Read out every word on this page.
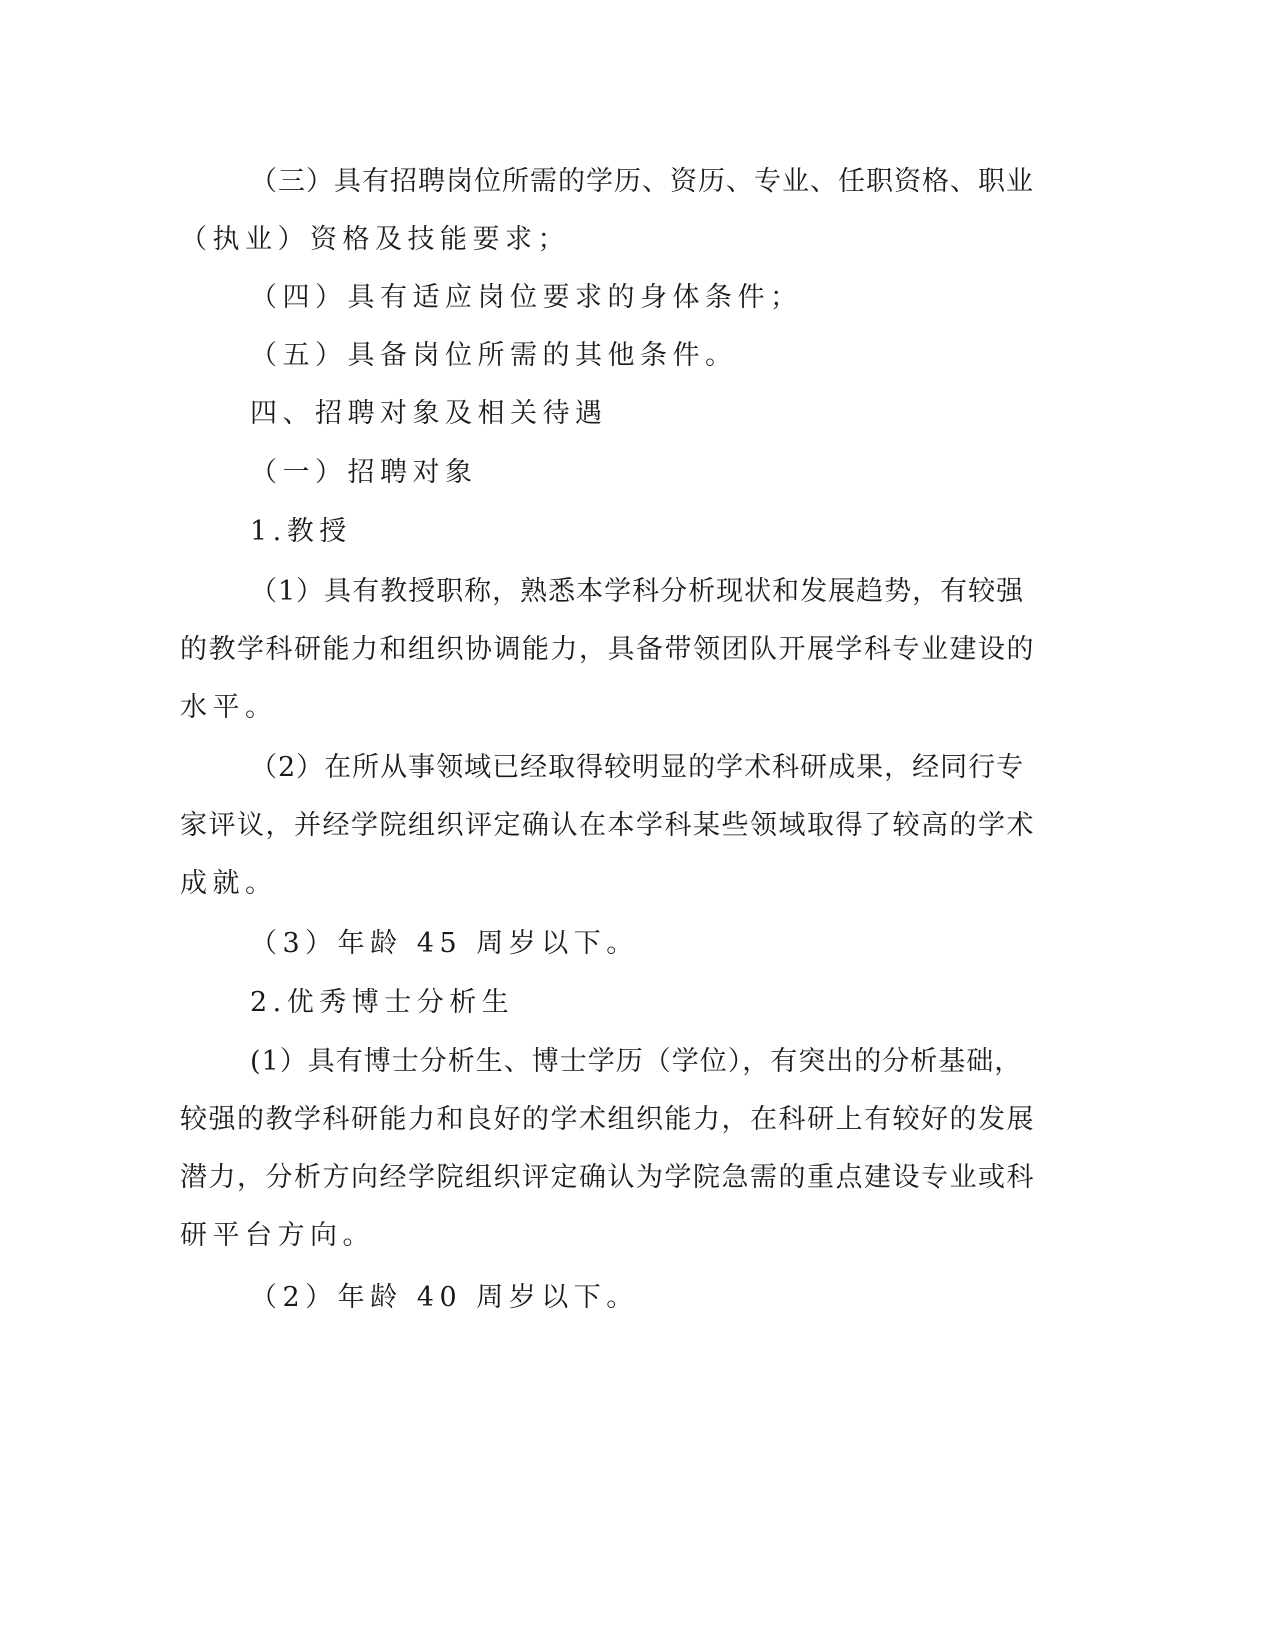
（三）具有招聘岗位所需的学历、资历、专业、任职资格、职业
（执业）资格及技能要求；
（四）具有适应岗位要求的身体条件；
（五）具备岗位所需的其他条件。
四、招聘对象及相关待遇
（一）招聘对象
1.教授
（1）具有教授职称，熟悉本学科分析现状和发展趋势，有较强
的教学科研能力和组织协调能力，具备带领团队开展学科专业建设的
水平。
（2）在所从事领域已经取得较明显的学术科研成果，经同行专
家评议，并经学院组织评定确认在本学科某些领域取得了较高的学术
成就。
（3）年龄 45 周岁以下。
2.优秀博士分析生
(1）具有博士分析生、博士学历（学位），有突出的分析基础，
较强的教学科研能力和良好的学术组织能力，在科研上有较好的发展
潜力，分析方向经学院组织评定确认为学院急需的重点建设专业或科
研平台方向。
（2）年龄 40 周岁以下。
